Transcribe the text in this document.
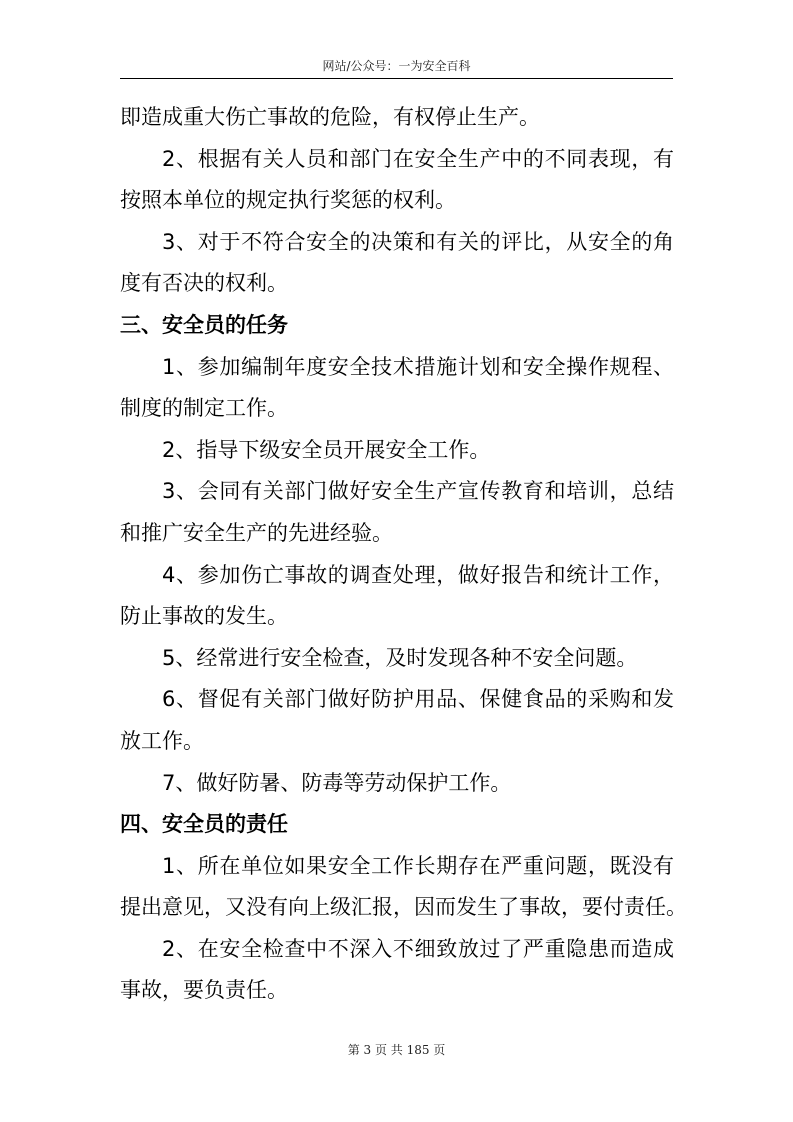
网站/公众号：一为安全百科
即造成重大伤亡事故的危险，有权停止生产。
2、根据有关人员和部门在安全生产中的不同表现，有
按照本单位的规定执行奖惩的权利。
3、对于不符合安全的决策和有关的评比，从安全的角
度有否决的权利。
三、安全员的任务
1、参加编制年度安全技术措施计划和安全操作规程、
制度的制定工作。
2、指导下级安全员开展安全工作。
3、会同有关部门做好安全生产宣传教育和培训，总结
和推广安全生产的先进经验。
4、参加伤亡事故的调查处理，做好报告和统计工作，
防止事故的发生。
5、经常进行安全检查，及时发现各种不安全问题。
6、督促有关部门做好防护用品、保健食品的采购和发
放工作。
7、做好防暑、防毒等劳动保护工作。
四、安全员的责任
1、所在单位如果安全工作长期存在严重问题，既没有
提出意见，又没有向上级汇报，因而发生了事故，要付责任。
2、在安全检查中不深入不细致放过了严重隐患而造成
事故，要负责任。
第 3 页 共 185 页
